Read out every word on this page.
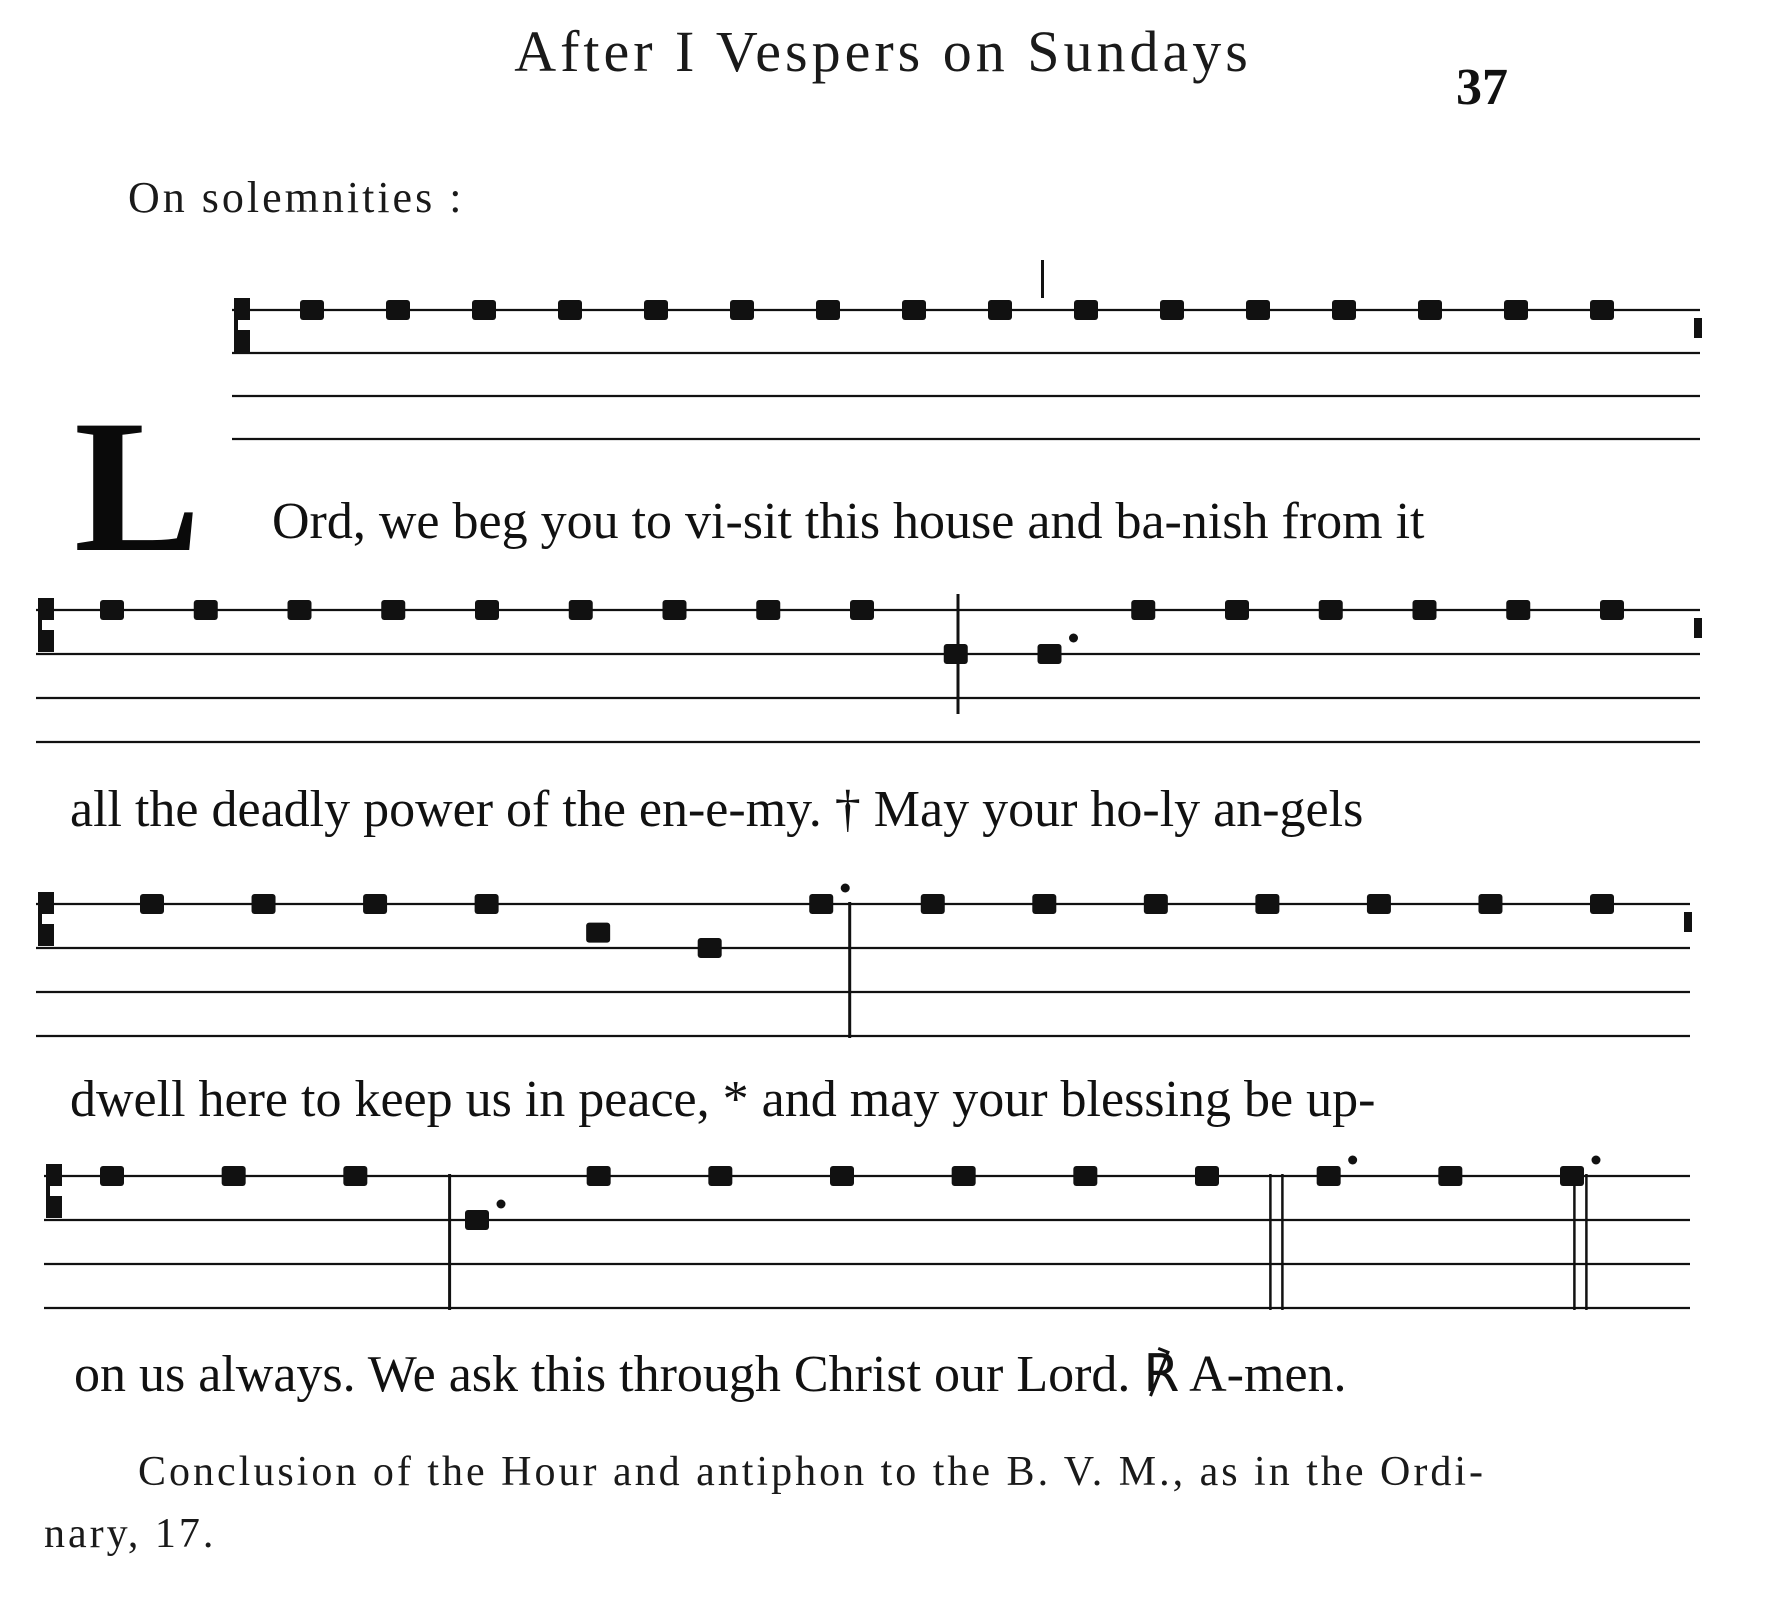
After I Vespers on Sundays
37
On solemnities :
L Ord, we beg you to vi-sit this house and ba-nish from it
all the deadly power of the en-e-my. † May your ho-ly an-gels
dwell here to keep us in peace, * and may your blessing be up-
on us always. We ask this through Christ our Lord. ℟ A-men.
Conclusion of the Hour and antiphon to the B. V. M., as in the Ordi-
nary, 17.
